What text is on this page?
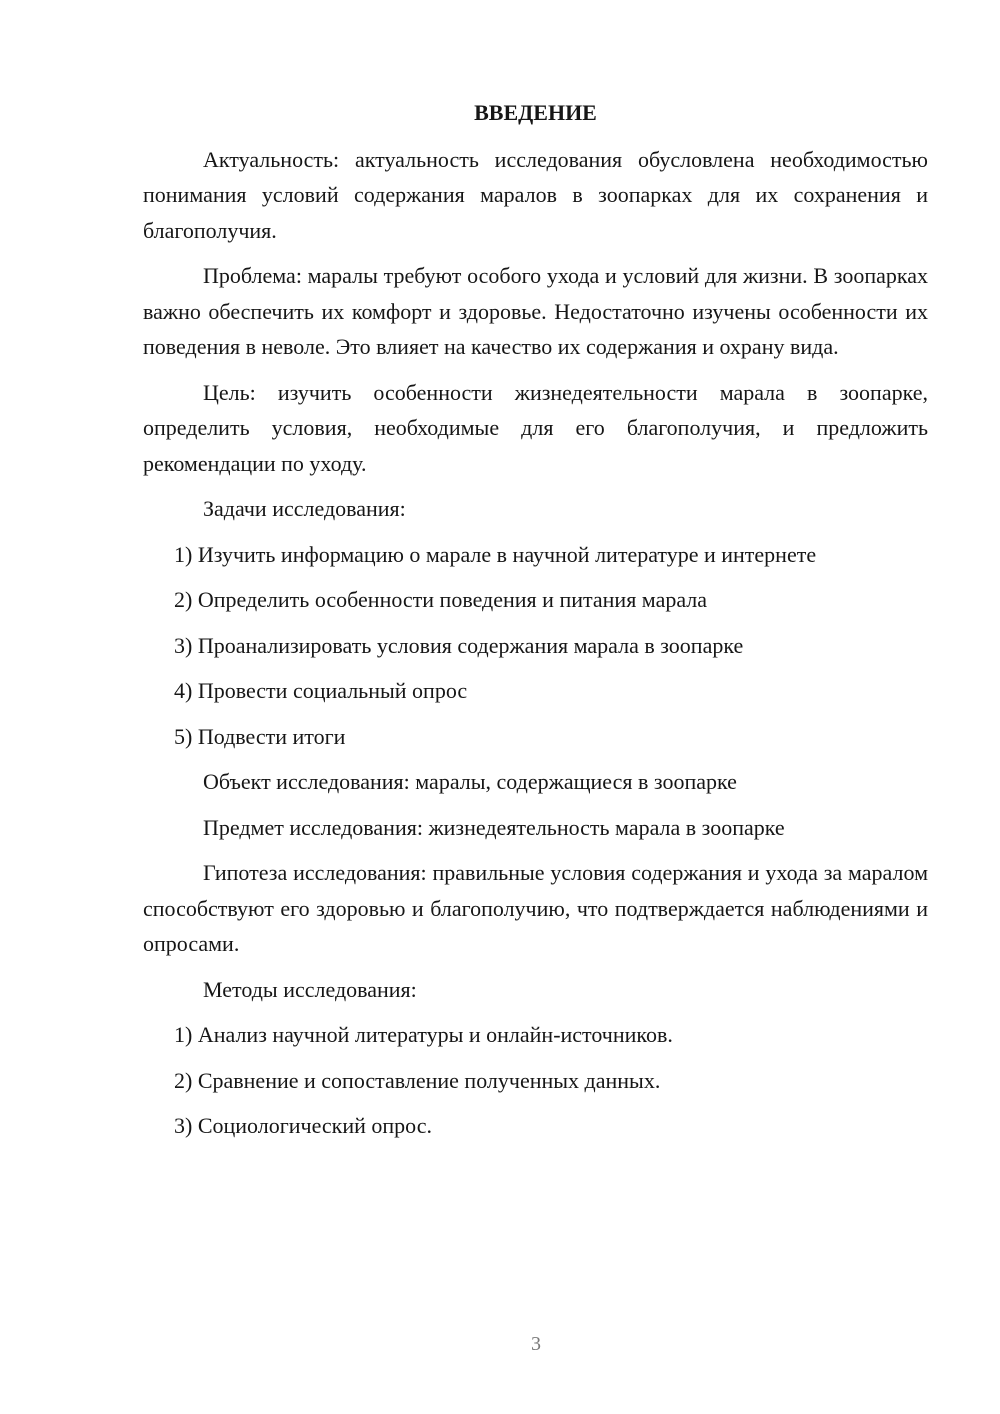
ВВЕДЕНИЕ

Актуальность: актуальность исследования обусловлена необходимостью понимания условий содержания маралов в зоопарках для их сохранения и благополучия.

Проблема: маралы требуют особого ухода и условий для жизни. В зоопарках важно обеспечить их комфорт и здоровье. Недостаточно изучены особенности их поведения в неволе. Это влияет на качество их содержания и охрану вида.

Цель: изучить особенности жизнедеятельности марала в зоопарке, определить условия, необходимые для его благополучия, и предложить рекомендации по уходу.

Задачи исследования:

1) Изучить информацию о марале в научной литературе и интернете

2) Определить особенности поведения и питания марала

3) Проанализировать условия содержания марала в зоопарке

4) Провести социальный опрос

5) Подвести итоги

Объект исследования: маралы, содержащиеся в зоопарке

Предмет исследования: жизнедеятельность марала в зоопарке

Гипотеза исследования: правильные условия содержания и ухода за маралом способствуют его здоровью и благополучию, что подтверждается наблюдениями и опросами.

Методы исследования:

1) Анализ научной литературы и онлайн-источников.

2) Сравнение и сопоставление полученных данных.

3) Социологический опрос.

3
